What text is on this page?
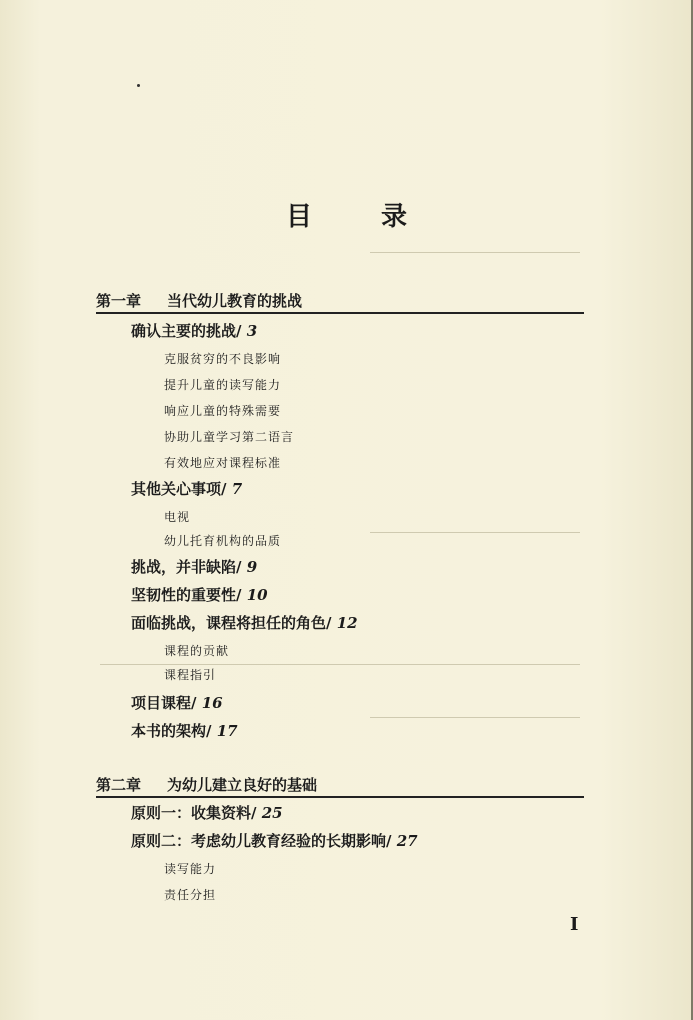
目 录
第一章 当代幼儿教育的挑战
确认主要的挑战/ 3
克服贫穷的不良影响
提升儿童的读写能力
响应儿童的特殊需要
协助儿童学习第二语言
有效地应对课程标准
其他关心事项/ 7
电视
幼儿托育机构的品质
挑战，并非缺陷/ 9
坚韧性的重要性/ 10
面临挑战，课程将担任的角色/ 12
课程的贡献
课程指引
项目课程/ 16
本书的架构/ 17
第二章 为幼儿建立良好的基础
原则一：收集资料/ 25
原则二：考虑幼儿教育经验的长期影响/ 27
读写能力
责任分担
I
